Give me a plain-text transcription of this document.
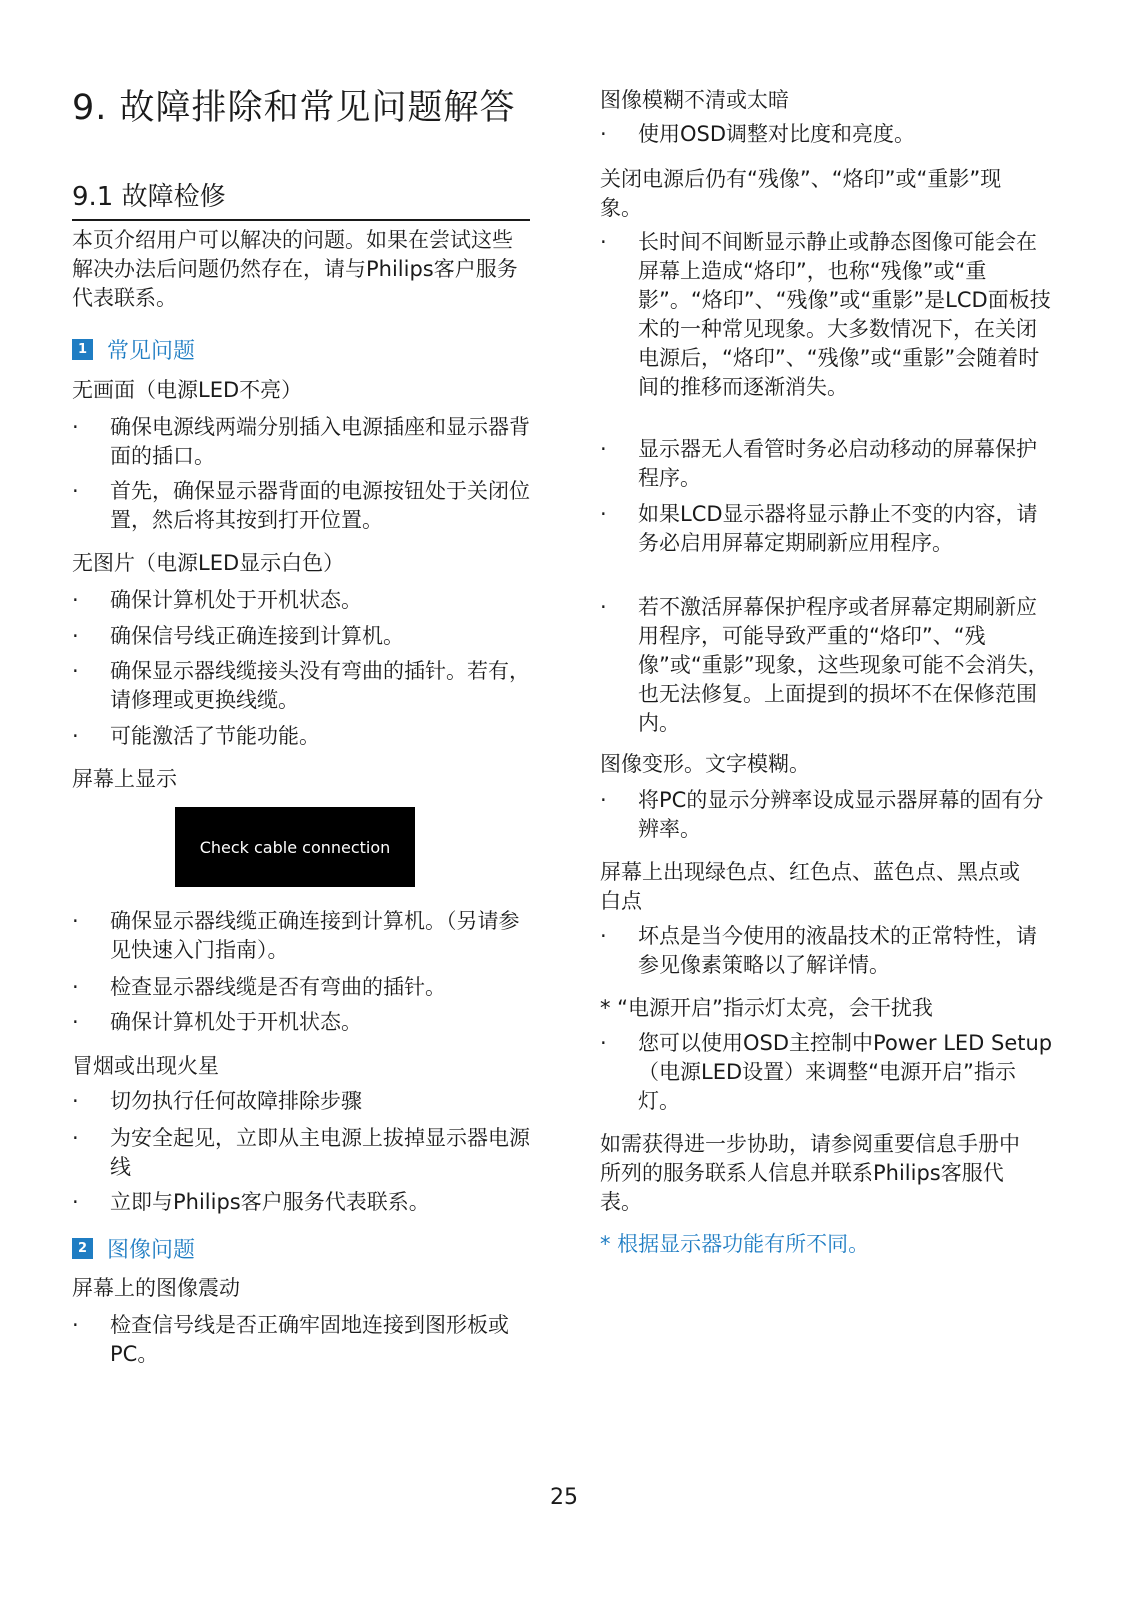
9. 故障排除和常见问题解答
9.1 故障检修
本页介绍用户可以解决的问题。如果在尝试这些解决办法后问题仍然存在，请与Philips客户服务代表联系。
1 常见问题
无画面（电源LED不亮）
·	确保电源线两端分别插入电源插座和显示器背面的插口。
·	首先，确保显示器背面的电源按钮处于关闭位置，然后将其按到打开位置。
无图片（电源LED显示白色）
·	确保计算机处于开机状态。
·	确保信号线正确连接到计算机。
·	确保显示器线缆接头没有弯曲的插针。若有，请修理或更换线缆。
·	可能激活了节能功能。
屏幕上显示
Check cable connection
·	确保显示器线缆正确连接到计算机。（另请参见快速入门指南）。
·	检查显示器线缆是否有弯曲的插针。
·	确保计算机处于开机状态。
冒烟或出现火星
·	切勿执行任何故障排除步骤
·	为安全起见，立即从主电源上拔掉显示器电源线
·	立即与Philips客户服务代表联系。
2 图像问题
屏幕上的图像震动
·	检查信号线是否正确牢固地连接到图形板或PC。
图像模糊不清或太暗
·	使用OSD调整对比度和亮度。
关闭电源后仍有“残像”、“烙印”或“重影”现象。
·	长时间不间断显示静止或静态图像可能会在屏幕上造成“烙印”，也称“残像”或“重影”。“烙印”、“残像”或“重影”是LCD面板技术的一种常见现象。大多数情况下，在关闭电源后，“烙印”、“残像”或“重影”会随着时间的推移而逐渐消失。
·	显示器无人看管时务必启动移动的屏幕保护程序。
·	如果LCD显示器将显示静止不变的内容，请务必启用屏幕定期刷新应用程序。
·	若不激活屏幕保护程序或者屏幕定期刷新应用程序，可能导致严重的“烙印”、“残像”或“重影”现象，这些现象可能不会消失，也无法修复。上面提到的损坏不在保修范围内。
图像变形。文字模糊。
·	将PC的显示分辨率设成显示器屏幕的固有分辨率。
屏幕上出现绿色点、红色点、蓝色点、黑点或白点
·	坏点是当今使用的液晶技术的正常特性，请参见像素策略以了解详情。
* “电源开启”指示灯太亮，会干扰我
·	您可以使用OSD主控制中Power LED Setup（电源LED设置）来调整“电源开启”指示灯。
如需获得进一步协助，请参阅重要信息手册中所列的服务联系人信息并联系Philips客服代表。
* 根据显示器功能有所不同。
25
